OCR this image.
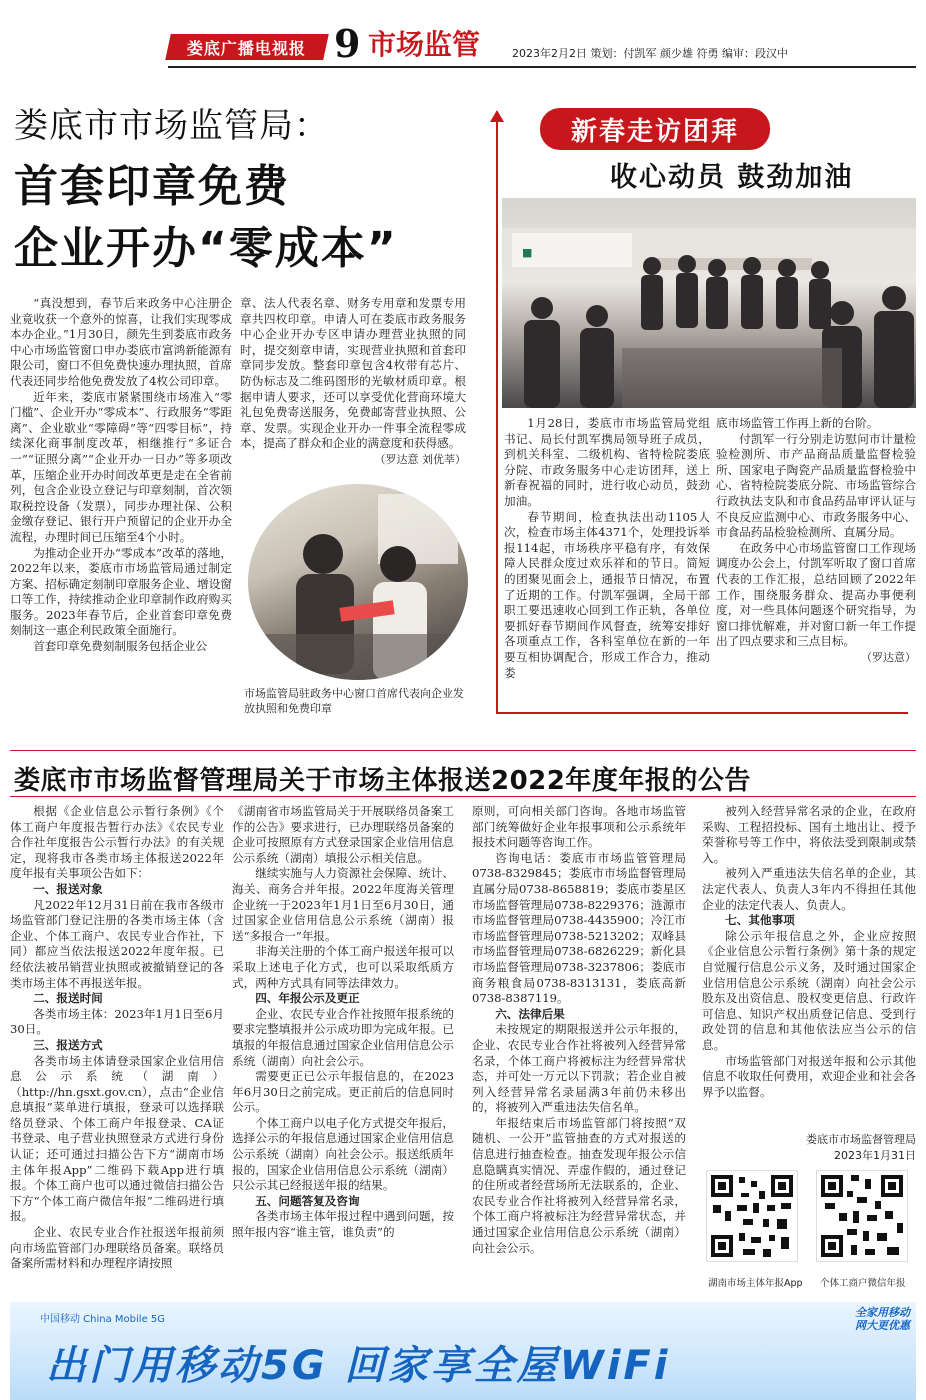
娄底广播电视报 9 市场监管	2023年2月2日 策划：付凯军 颜少雄 符勇 编审：段汉中
娄底市市场监管局：
首套印章免费
企业开办“零成本”

“真没想到，春节后来政务中心注册企业竟收获一个意外的惊喜，让我们实现零成本办企业。”1月30日，颜先生到娄底市政务中心市场监管窗口申办娄底市富鸿新能源有限公司，窗口不但免费快速办理执照，首席代表还同步给他免费发放了4枚公司印章。

近年来，娄底市紧紧围绕市场准入“零门槛”、企业开办“零成本”、行政服务“零距离”、企业歇业“零障碍”等“四零目标”，持续深化商事制度改革，相继推行“多证合一”“证照分离”“企业开办一日办”等多项改革，压缩企业开办时间改革更是走在全省前列，包含企业设立登记与印章刻制，首次领取税控设备（发票），同步办理社保、公积金缴存登记、银行开户预留记的企业开办全流程，办理时间已压缩至4个小时。

为推动企业开办“零成本”改革的落地，2022年以来，娄底市市场监管局通过制定方案、招标确定刻制印章服务企业、增设窗口等工作，持续推动企业印章制作政府购买服务。2023年春节后，企业首套印章免费刻制这一惠企利民政策全面施行。

首套印章免费刻制服务包括企业公

章、法人代表名章、财务专用章和发票专用章共四枚印章。申请人可在娄底市政务服务中心企业开办专区申请办理营业执照的同时，提交刻章申请，实现营业执照和首套印章同步发放。整套印章包含4枚带有芯片、防伪标志及二维码图形的光敏材质印章。根据申请人要求，还可以享受优化营商环境大礼包免费寄送服务，免费邮寄营业执照、公章、发票。实现企业开办一件事全流程零成本，提高了群众和企业的满意度和获得感。

（罗达意 刘优莘）
市场监管局驻政务中心窗口首席代表向企业发放执照和免费印章
新春走访团拜
收心动员 鼓劲加油
■

1月28日，娄底市市场监管局党组书记、局长付凯军携局领导班子成员，到机关科室、二级机构、省特检院娄底分院、市政务服务中心走访团拜，送上新春祝福的同时，进行收心动员，鼓劲加油。

春节期间，检查执法出动1105人次，检查市场主体4371个，处理投诉举报114起，市场秩序平稳有序，有效保障人民群众度过欢乐祥和的节日。简短的团聚见面会上，通报节日情况，布置了近期的工作。付凯军强调，全局干部职工要迅速收心回到工作正轨，各单位要抓好春节期间作风督查，统筹安排好各项重点工作，各科室单位在新的一年要互相协调配合，形成工作合力，推动娄

底市场监管工作再上新的台阶。

付凯军一行分别走访慰问市计量检验检测所、市产品商品质量监督检验所、国家电子陶瓷产品质量监督检验中心、省特检院娄底分院、市场监管综合行政执法支队和市食品药品审评认证与不良反应监测中心、市政务服务中心、市食品药品检验检测所、直属分局。

在政务中心市场监管窗口工作现场调度办公会上，付凯军听取了窗口首席代表的工作汇报，总结回顾了2022年工作，围绕服务群众、提高办事便利度，对一些具体问题逐个研究指导，为窗口排忧解难，并对窗口新一年工作提出了四点要求和三点目标。

（罗达意）
娄底市市场监督管理局关于市场主体报送2022年度年报的公告

根据《企业信息公示暂行条例》《个体工商户年度报告暂行办法》《农民专业合作社年度报告公示暂行办法》的有关规定，现将我市各类市场主体报送2022年度年报有关事项公告如下：

一、报送对象

凡2022年12月31日前在我市各级市场监管部门登记注册的各类市场主体（含企业、个体工商户、农民专业合作社，下同）都应当依法报送2022年度年报。已经依法被吊销营业执照或被撤销登记的各类市场主体不再报送年报。

二、报送时间

各类市场主体：2023年1月1日至6月30日。

三、报送方式

各类市场主体请登录国家企业信用信息公示系统（湖南）（http://hn.gsxt.gov.cn），点击“企业信息填报”菜单进行填报，登录可以选择联络员登录、个体工商户年报登录、CA证书登录、电子营业执照登录方式进行身份认证；还可通过扫描公告下方“湖南市场主体年报App”二维码下载App进行填报。个体工商户也可以通过微信扫描公告下方“个体工商户微信年报”二维码进行填报。

企业、农民专业合作社报送年报前须向市场监管部门办理联络员备案。联络员备案所需材料和办理程序请按照

《湖南省市场监管局关于开展联络员备案工作的公告》要求进行，已办理联络员备案的企业可按照原有方式登录国家企业信用信息公示系统（湖南）填报公示相关信息。

继续实施与人力资源社会保障、统计、海关、商务合并年报。2022年度海关管理企业统一于2023年1月1日至6月30日，通过国家企业信用信息公示系统（湖南）报送“多报合一”年报。

非海关注册的个体工商户报送年报可以采取上述电子化方式，也可以采取纸质方式，两种方式具有同等法律效力。

四、年报公示及更正

企业、农民专业合作社按照年报系统的要求完整填报并公示成功即为完成年报。已填报的年报信息通过国家企业信用信息公示系统（湖南）向社会公示。

需要更正已公示年报信息的，在2023年6月30日之前完成。更正前后的信息同时公示。

个体工商户以电子化方式提交年报后，选择公示的年报信息通过国家企业信用信息公示系统（湖南）向社会公示。报送纸质年报的，国家企业信用信息公示系统（湖南）只公示其已经报送年报的结果。

五、问题答复及咨询

各类市场主体年报过程中遇到问题，按照年报内容“谁主管，谁负责”的

原则，可向相关部门咨询。各地市场监管部门统筹做好企业年报事项和公示系统年报技术问题等咨询工作。

咨询电话：娄底市市场监管管理局0738-8329845；娄底市市场监督管理局直属分局0738-8658819；娄底市娄星区市场监督管理局0738-8229376；涟源市市场监督管理局0738-4435900；冷江市市场监督管理局0738-5213202；双峰县市场监督管理局0738-6826229；新化县市场监督管理局0738-3237806；娄底市商务粮食局0738-8313131，娄底高新0738-8387119。

六、法律后果

未按规定的期限报送并公示年报的，企业、农民专业合作社将被列入经营异常名录，个体工商户将被标注为经营异常状态，并可处一万元以下罚款；若企业自被列入经营异常名录届满3年前仍未移出的，将被列入严重违法失信名单。

年报结束后市场监管部门将按照“双随机、一公开”监管抽查的方式对报送的信息进行抽查检查。抽查发现年报公示信息隐瞒真实情况、弄虚作假的，通过登记的住所或者经营场所无法联系的，企业、农民专业合作社将被列入经营异常名录，个体工商户将被标注为经营异常状态，并通过国家企业信用信息公示系统（湖南）向社会公示。

被列入经营异常名录的企业，在政府采购、工程招投标、国有土地出让、授予荣誉称号等工作中，将依法受到限制或禁入。

被列入严重违法失信名单的企业，其法定代表人、负责人3年内不得担任其他企业的法定代表人、负责人。

七、其他事项

除公示年报信息之外，企业应按照《企业信息公示暂行条例》第十条的规定自觉履行信息公示义务，及时通过国家企业信用信息公示系统（湖南）向社会公示股东及出资信息、股权变更信息、行政许可信息、知识产权出质登记信息、受到行政处罚的信息和其他依法应当公示的信息。

市场监管部门对报送年报和公示其他信息不收取任何费用，欢迎企业和社会各界予以监督。

娄底市市场监督管理局
2023年1月31日
湖南市场主体年报App 个体工商户微信年报
中国移动 China Mobile 5G
全家用移动
网大更优惠
出门用移动5G 回家享全屋WiFi
